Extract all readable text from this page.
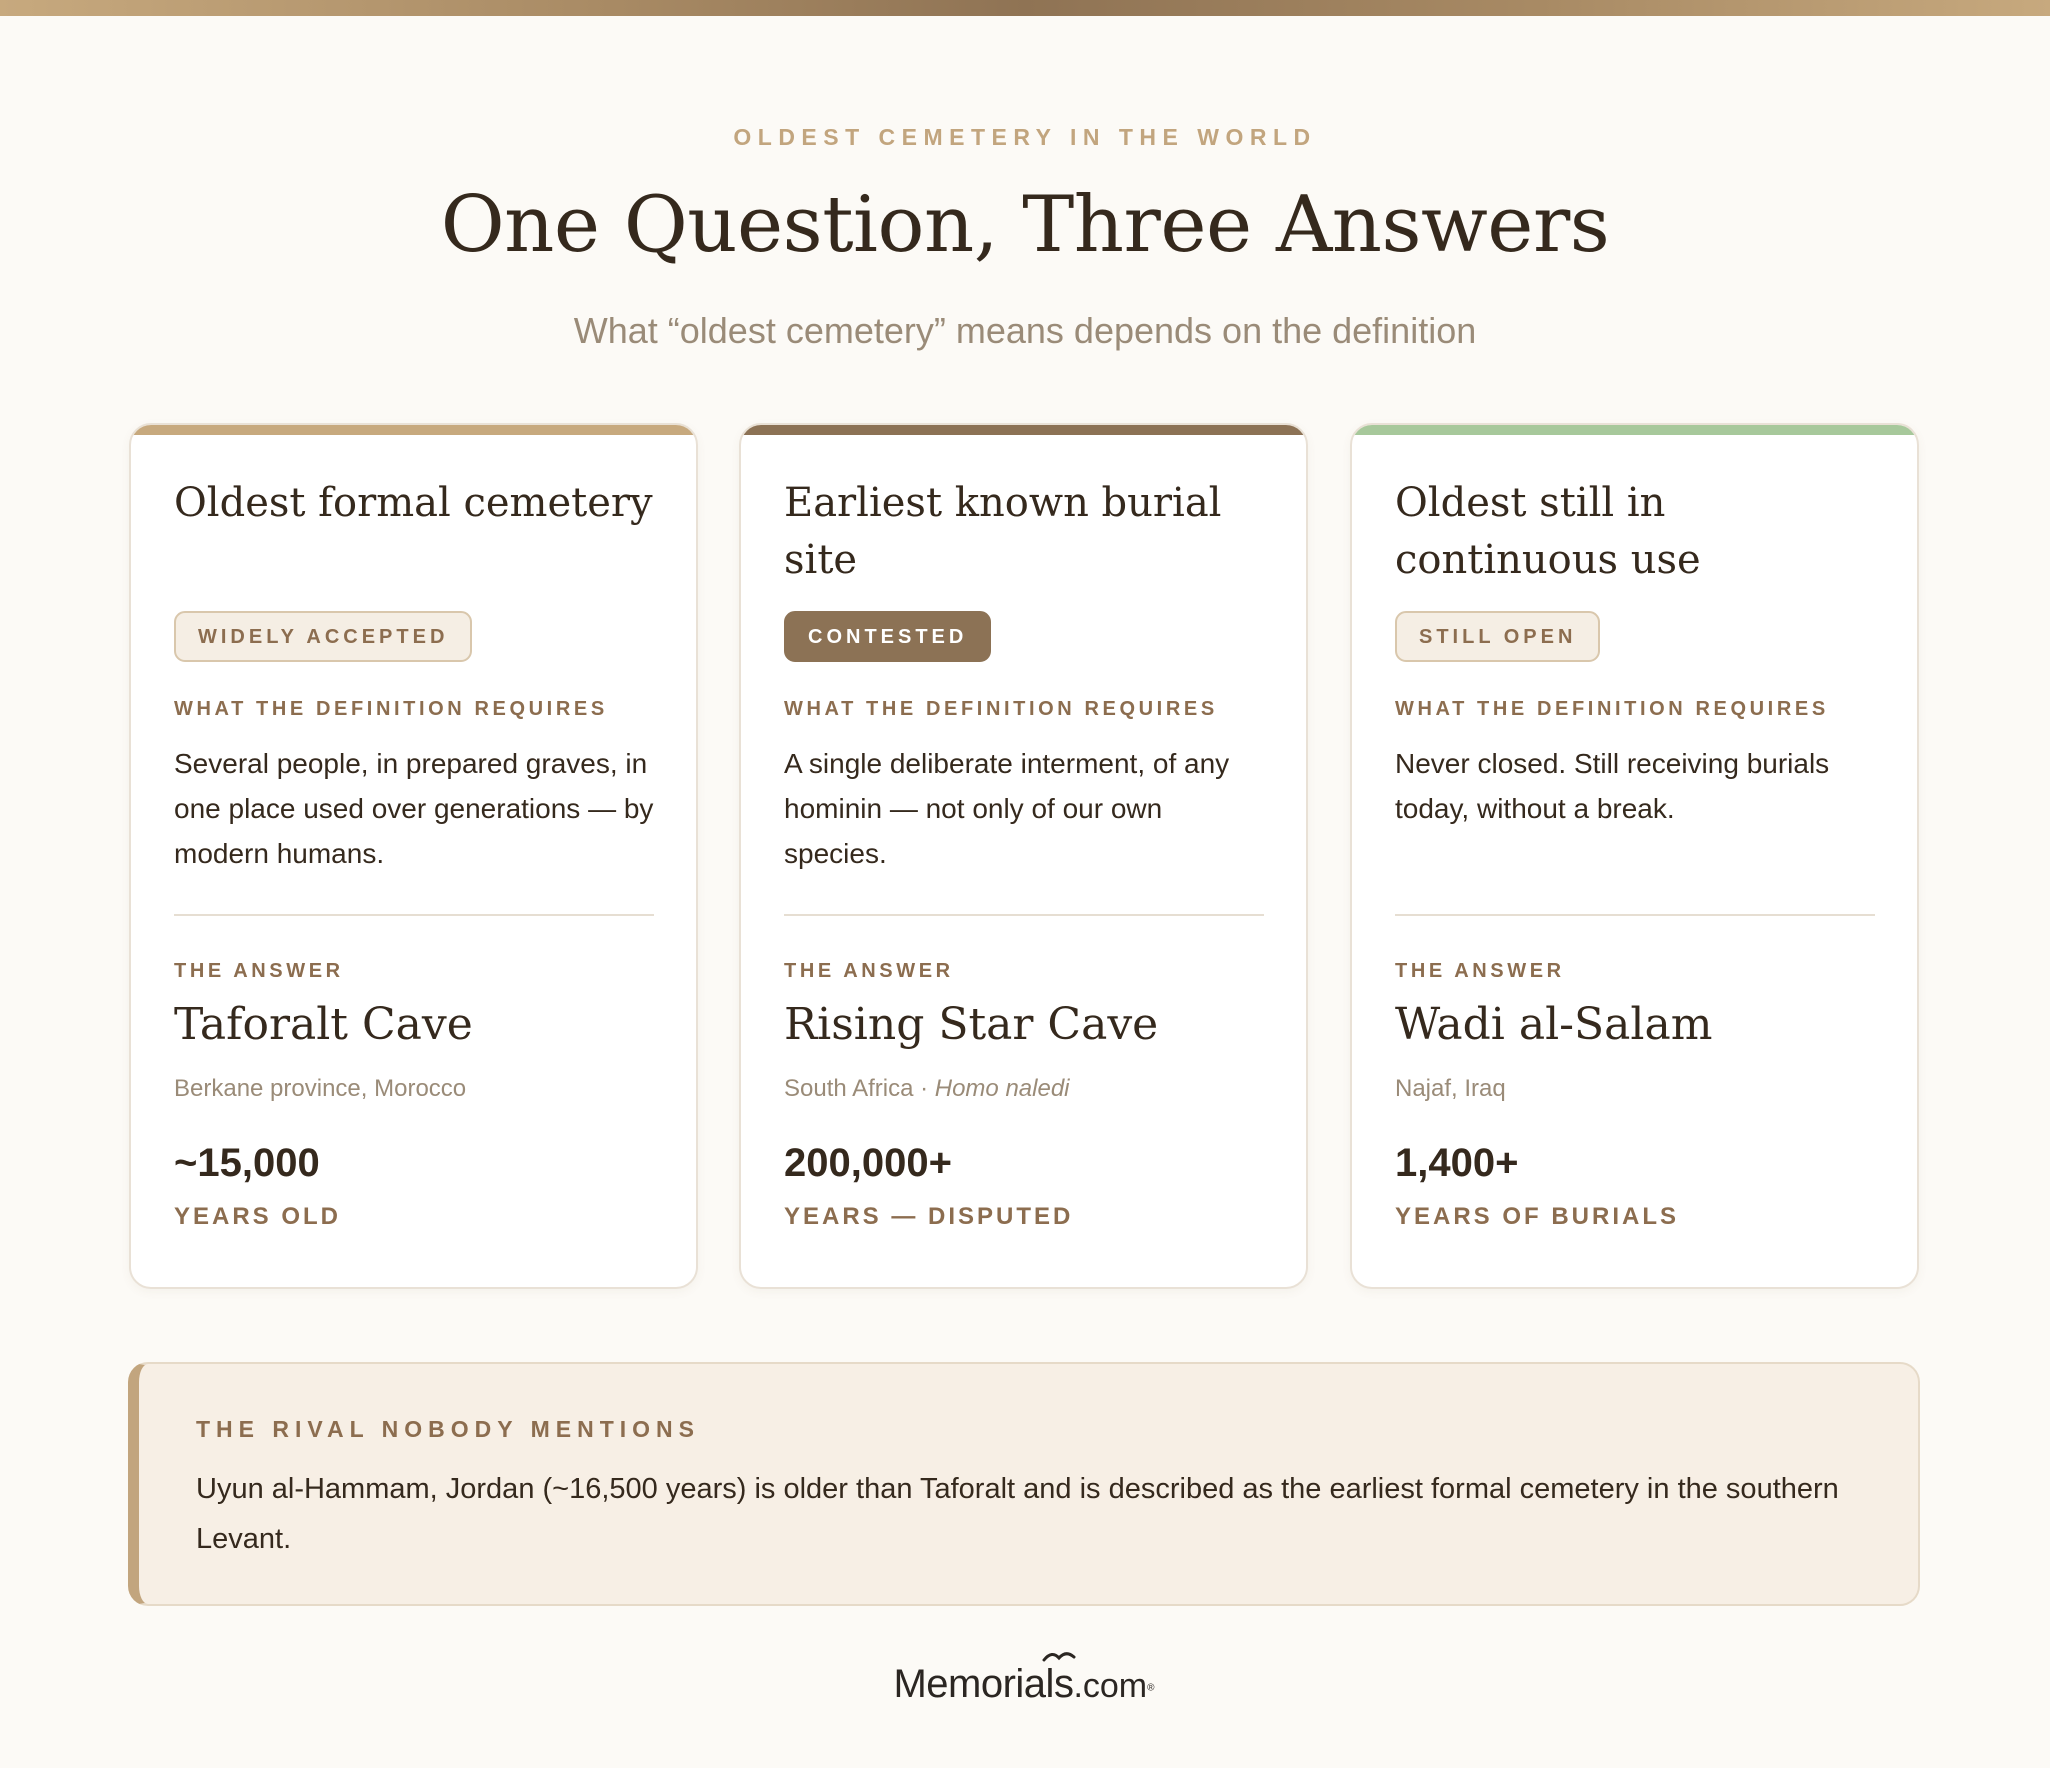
OLDEST CEMETERY IN THE WORLD
One Question, Three Answers
What “oldest cemetery” means depends on the definition
Oldest formal cemetery
WIDELY ACCEPTED
WHAT THE DEFINITION REQUIRES
Several people, in prepared graves, in one place used over generations — by modern humans.
THE ANSWER
Taforalt Cave
Berkane province, Morocco
~15,000
YEARS OLD
Earliest known burial site
CONTESTED
WHAT THE DEFINITION REQUIRES
A single deliberate interment, of any hominin — not only of our own species.
THE ANSWER
Rising Star Cave
South Africa · Homo naledi
200,000+
YEARS — DISPUTED
Oldest still in continuous use
STILL OPEN
WHAT THE DEFINITION REQUIRES
Never closed. Still receiving burials today, without a break.
THE ANSWER
Wadi al-Salam
Najaf, Iraq
1,400+
YEARS OF BURIALS
THE RIVAL NOBODY MENTIONS
Uyun al-Hammam, Jordan (~16,500 years) is older than Taforalt and is described as the earliest formal cemetery in the southern Levant.
Memorials.com®
